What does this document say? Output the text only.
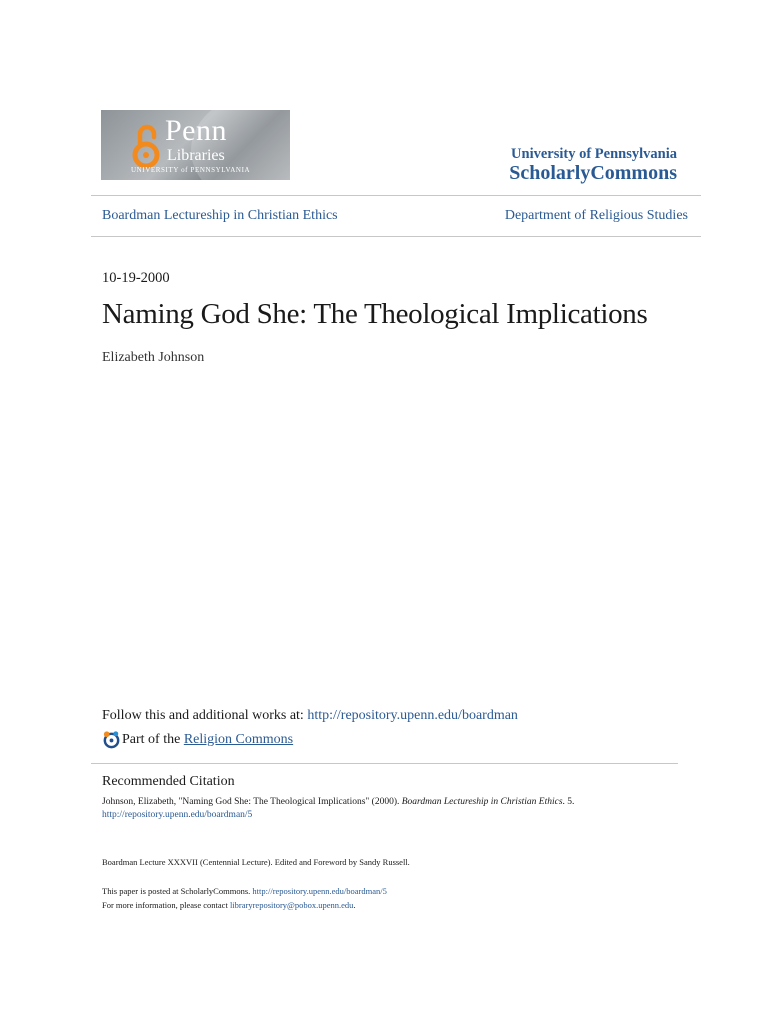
Penn
Libraries
UNIVERSITY of PENNSYLVANIA
University of Pennsylvania
ScholarlyCommons
Boardman Lectureship in Christian Ethics	Department of Religious Studies
10-19-2000
Naming God She: The Theological Implications
Elizabeth Johnson
Follow this and additional works at: http://repository.upenn.edu/boardman
Part of the
Religion Commons
Recommended Citation
Johnson, Elizabeth, "Naming God She: The Theological Implications" (2000). Boardman Lectureship in Christian Ethics. 5.
http://repository.upenn.edu/boardman/5
Boardman Lecture XXXVII (Centennial Lecture). Edited and Foreword by Sandy Russell.
This paper is posted at ScholarlyCommons. http://repository.upenn.edu/boardman/5
For more information, please contact libraryrepository@pobox.upenn.edu.
